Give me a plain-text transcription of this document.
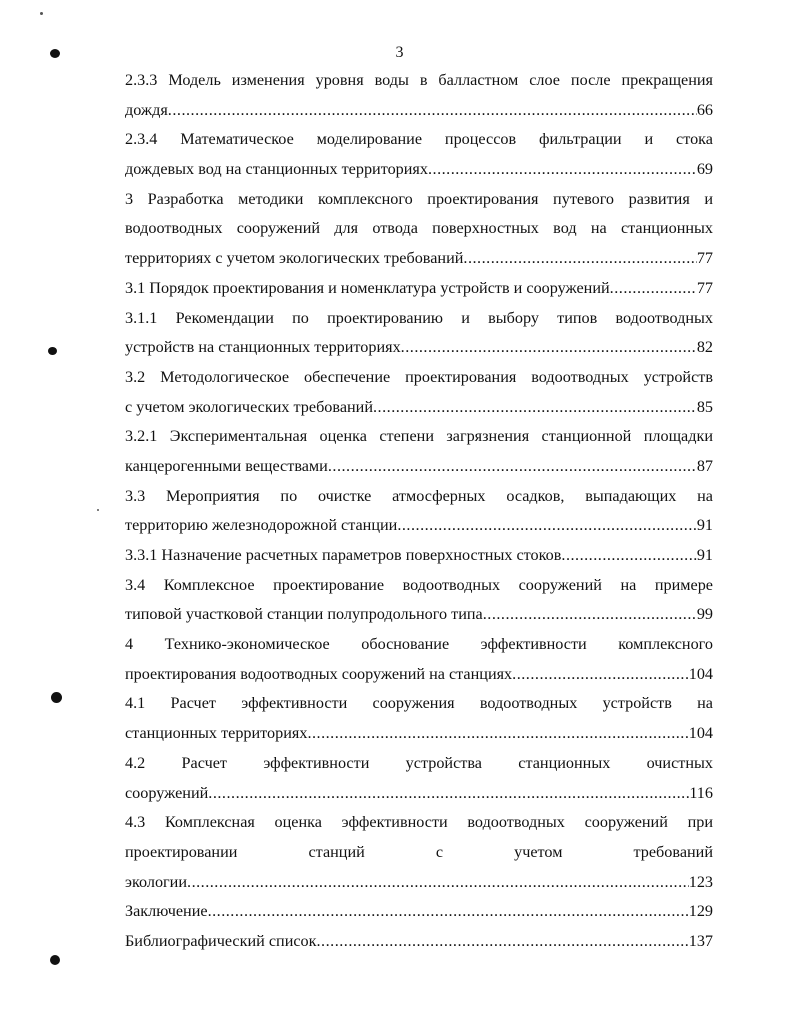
3
2.3.3 Модель изменения уровня воды в балластном слое после прекращения
дождя .....	66
2.3.4 Математическое моделирование процессов фильтрации и стока
дождевых вод на станционных территориях .....	69
3 Разработка методики комплексного проектирования путевого развития и
водоотводных сооружений для отвода поверхностных вод на станционных
территориях с учетом экологических требований .....	77
3.1 Порядок проектирования и номенклатура устройств и сооружений .....	77
3.1.1 Рекомендации по проектированию и выбору типов водоотводных
устройств на станционных территориях .....	82
3.2 Методологическое обеспечение проектирования водоотводных устройств
с учетом экологических требований .....	85
3.2.1 Экспериментальная оценка степени загрязнения станционной площадки
канцерогенными веществами .....	87
3.3 Мероприятия по очистке атмосферных осадков, выпадающих на
территорию железнодорожной станции .....	91
3.3.1 Назначение расчетных параметров поверхностных стоков .....	91
3.4 Комплексное проектирование водоотводных сооружений на примере
типовой участковой станции полупродольного типа .....	99
4 Технико-экономическое обоснование эффективности комплексного
проектирования водоотводных сооружений на станциях .....	104
4.1 Расчет эффективности сооружения водоотводных устройств на
станционных территориях .....	104
4.2 Расчет эффективности устройства станционных очистных
сооружений .....	116
4.3 Комплексная оценка эффективности водоотводных сооружений при
проектировании станций с учетом требований
экологии .....	123
Заключение .....	129
Библиографический список .....	137
